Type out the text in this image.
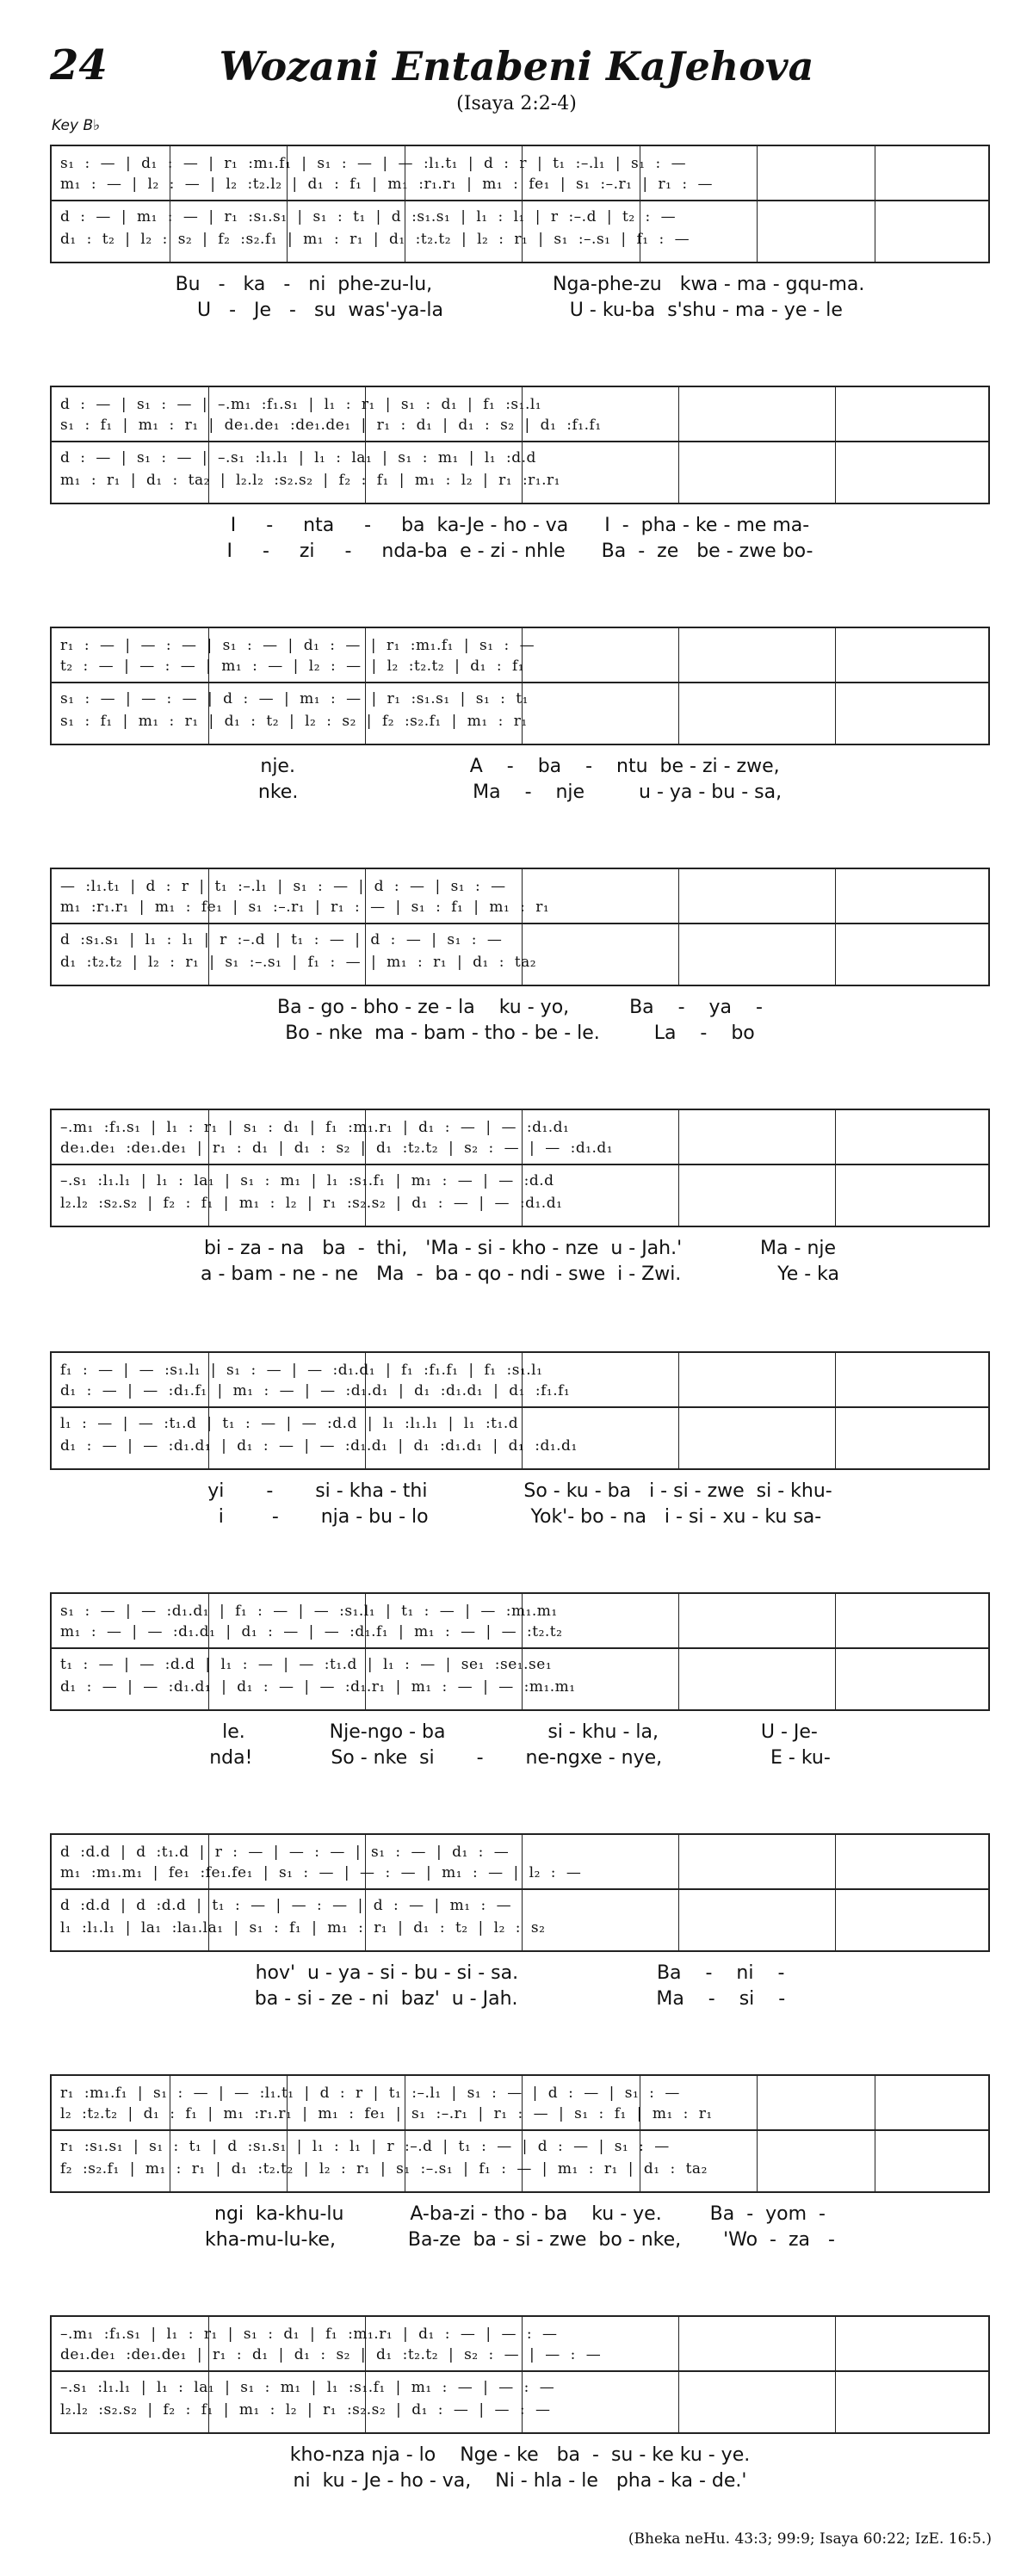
24	Wozani Entabeni KaJehova
(Isaya 2:2-4)
Key B♭
s₁ : — | d₁ : — | r₁ :m₁.f₁ | s₁ : — | — :l₁.t₁ | d : r | t₁ :–.l₁ | s₁ : —
m₁ : — | l₂ : — | l₂ :t₂.l₂ | d₁ : f₁ | m₁ :r₁.r₁ | m₁ : fe₁ | s₁ :–.r₁ | r₁ : —
d : — | m₁ : — | r₁ :s₁.s₁ | s₁ : t₁ | d :s₁.s₁ | l₁ : l₁ | r :–.d | t₂ : —
d₁ : t₂ | l₂ : s₂ | f₂ :s₂.f₁ | m₁ : r₁ | d₁ :t₂.t₂ | l₂ : r₁ | s₁ :–.s₁ | f₁ : —
Bu   -   ka   -   ni  phe-zu-lu,                    Nga-phe-zu   kwa - ma - gqu-ma.
U   -   Je   -   su  was'-ya-la                     U - ku-ba  s'shu - ma - ye - le
d : — | s₁ : — | –.m₁ :f₁.s₁ | l₁ : r₁ | s₁ : d₁ | f₁ :s₁.l₁
s₁ : f₁ | m₁ : r₁ | de₁.de₁ :de₁.de₁ | r₁ : d₁ | d₁ : s₂ | d₁ :f₁.f₁
d : — | s₁ : — | –.s₁ :l₁.l₁ | l₁ : la₁ | s₁ : m₁ | l₁ :d.d
m₁ : r₁ | d₁ : ta₂ | l₂.l₂ :s₂.s₂ | f₂ : f₁ | m₁ : l₂ | r₁ :r₁.r₁
I     -     nta     -     ba  ka-Je - ho - va      I  -  pha - ke - me ma-
I     -     zi     -     nda-ba  e - zi - nhle      Ba  -  ze   be - zwe bo-
r₁ : — | — : — | s₁ : — | d₁ : — | r₁ :m₁.f₁ | s₁ : —
t₂ : — | — : — | m₁ : — | l₂ : — | l₂ :t₂.t₂ | d₁ : f₁
s₁ : — | — : — | d : — | m₁ : — | r₁ :s₁.s₁ | s₁ : t₁
s₁ : f₁ | m₁ : r₁ | d₁ : t₂ | l₂ : s₂ | f₂ :s₂.f₁ | m₁ : r₁
nje.                             A    -    ba    -    ntu  be - zi - zwe,
nke.                             Ma    -    nje         u - ya - bu - sa,
— :l₁.t₁ | d : r | t₁ :–.l₁ | s₁ : — | d : — | s₁ : —
m₁ :r₁.r₁ | m₁ : fe₁ | s₁ :–.r₁ | r₁ : — | s₁ : f₁ | m₁ : r₁
d :s₁.s₁ | l₁ : l₁ | r :–.d | t₁ : — | d : — | s₁ : —
d₁ :t₂.t₂ | l₂ : r₁ | s₁ :–.s₁ | f₁ : — | m₁ : r₁ | d₁ : ta₂
Ba - go - bho - ze - la    ku - yo,          Ba    -    ya    -
Bo - nke  ma - bam - tho - be - le.         La    -    bo
–.m₁ :f₁.s₁ | l₁ : r₁ | s₁ : d₁ | f₁ :m₁.r₁ | d₁ : — | — :d₁.d₁
de₁.de₁ :de₁.de₁ | r₁ : d₁ | d₁ : s₂ | d₁ :t₂.t₂ | s₂ : — | — :d₁.d₁
–.s₁ :l₁.l₁ | l₁ : la₁ | s₁ : m₁ | l₁ :s₁.f₁ | m₁ : — | — :d.d
l₂.l₂ :s₂.s₂ | f₂ : f₁ | m₁ : l₂ | r₁ :s₂.s₂ | d₁ : — | — :d₁.d₁
bi - za - na   ba  -  thi,   'Ma - si - kho - nze  u - Jah.'             Ma - nje
a - bam - ne - ne   Ma  -  ba - qo - ndi - swe  i - Zwi.                Ye - ka
f₁ : — | — :s₁.l₁ | s₁ : — | — :d₁.d₁ | f₁ :f₁.f₁ | f₁ :s₁.l₁
d₁ : — | — :d₁.f₁ | m₁ : — | — :d₁.d₁ | d₁ :d₁.d₁ | d₁ :f₁.f₁
l₁ : — | — :t₁.d | t₁ : — | — :d.d | l₁ :l₁.l₁ | l₁ :t₁.d
d₁ : — | — :d₁.d₁ | d₁ : — | — :d₁.d₁ | d₁ :d₁.d₁ | d₁ :d₁.d₁
yi       -       si - kha - thi                So - ku - ba   i - si - zwe  si - khu-
i        -       nja - bu - lo                 Yok'- bo - na   i - si - xu - ku sa-
s₁ : — | — :d₁.d₁ | f₁ : — | — :s₁.l₁ | t₁ : — | — :m₁.m₁
m₁ : — | — :d₁.d₁ | d₁ : — | — :d₁.f₁ | m₁ : — | — :t₂.t₂
t₁ : — | — :d.d | l₁ : — | — :t₁.d | l₁ : — | se₁ :se₁.se₁
d₁ : — | — :d₁.d₁ | d₁ : — | — :d₁.r₁ | m₁ : — | — :m₁.m₁
le.              Nje-ngo - ba                 si - khu - la,                 U - Je-
nda!             So - nke  si       -       ne-ngxe - nye,                  E - ku-
d :d.d | d :t₁.d | r : — | — : — | s₁ : — | d₁ : —
m₁ :m₁.m₁ | fe₁ :fe₁.fe₁ | s₁ : — | — : — | m₁ : — | l₂ : —
d :d.d | d :d.d | t₁ : — | — : — | d : — | m₁ : —
l₁ :l₁.l₁ | la₁ :la₁.la₁ | s₁ : f₁ | m₁ : r₁ | d₁ : t₂ | l₂ : s₂
hov'  u - ya - si - bu - si - sa.                       Ba    -    ni    -
ba - si - ze - ni  baz'  u - Jah.                       Ma    -    si    -
r₁ :m₁.f₁ | s₁ : — | — :l₁.t₁ | d : r | t₁ :–.l₁ | s₁ : — | d : — | s₁ : —
l₂ :t₂.t₂ | d₁ : f₁ | m₁ :r₁.r₁ | m₁ : fe₁ | s₁ :–.r₁ | r₁ : — | s₁ : f₁ | m₁ : r₁
r₁ :s₁.s₁ | s₁ : t₁ | d :s₁.s₁ | l₁ : l₁ | r :–.d | t₁ : — | d : — | s₁ : —
f₂ :s₂.f₁ | m₁ : r₁ | d₁ :t₂.t₂ | l₂ : r₁ | s₁ :–.s₁ | f₁ : — | m₁ : r₁ | d₁ : ta₂
ngi  ka-khu-lu           A-ba-zi - tho - ba    ku - ye.        Ba  -  yom  -
kha-mu-lu-ke,            Ba-ze  ba - si - zwe  bo - nke,       'Wo  -  za   -
–.m₁ :f₁.s₁ | l₁ : r₁ | s₁ : d₁ | f₁ :m₁.r₁ | d₁ : — | — : —
de₁.de₁ :de₁.de₁ | r₁ : d₁ | d₁ : s₂ | d₁ :t₂.t₂ | s₂ : — | — : —
–.s₁ :l₁.l₁ | l₁ : la₁ | s₁ : m₁ | l₁ :s₁.f₁ | m₁ : — | — : —
l₂.l₂ :s₂.s₂ | f₂ : f₁ | m₁ : l₂ | r₁ :s₂.s₂ | d₁ : — | — : —
kho-nza nja - lo    Nge - ke   ba  -  su - ke ku - ye.
ni  ku - Je - ho - va,    Ni - hla - le   pha - ka - de.'
(Bheka neHu. 43:3; 99:9; Isaya 60:22; IzE. 16:5.)
